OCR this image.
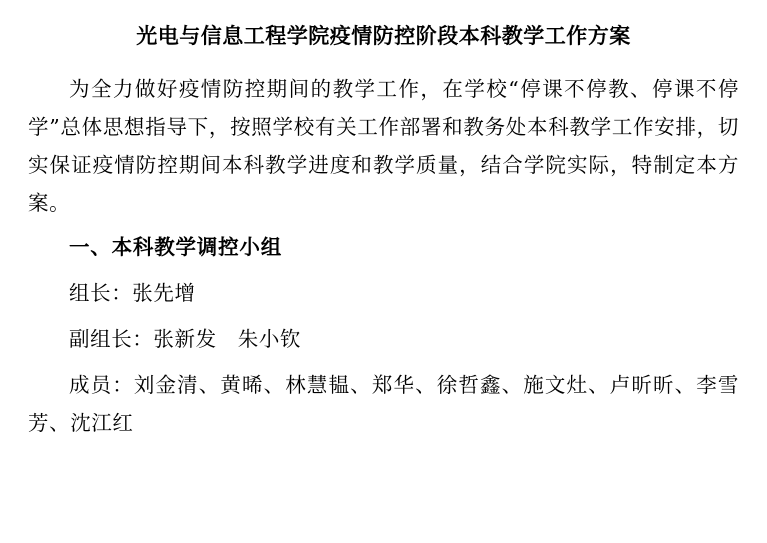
光电与信息工程学院疫情防控阶段本科教学工作方案

为全力做好疫情防控期间的教学工作，在学校“停课不停教、停课不停学”总体思想指导下，按照学校有关工作部署和教务处本科教学工作安排，切实保证疫情防控期间本科教学进度和教学质量，结合学院实际，特制定本方案。

一、本科教学调控小组

组长：张先增

副组长：张新发　朱小钦

成员：刘金清、黄晞、林慧韫、郑华、徐哲鑫、施文灶、卢昕昕、李雪芳、沈江红
